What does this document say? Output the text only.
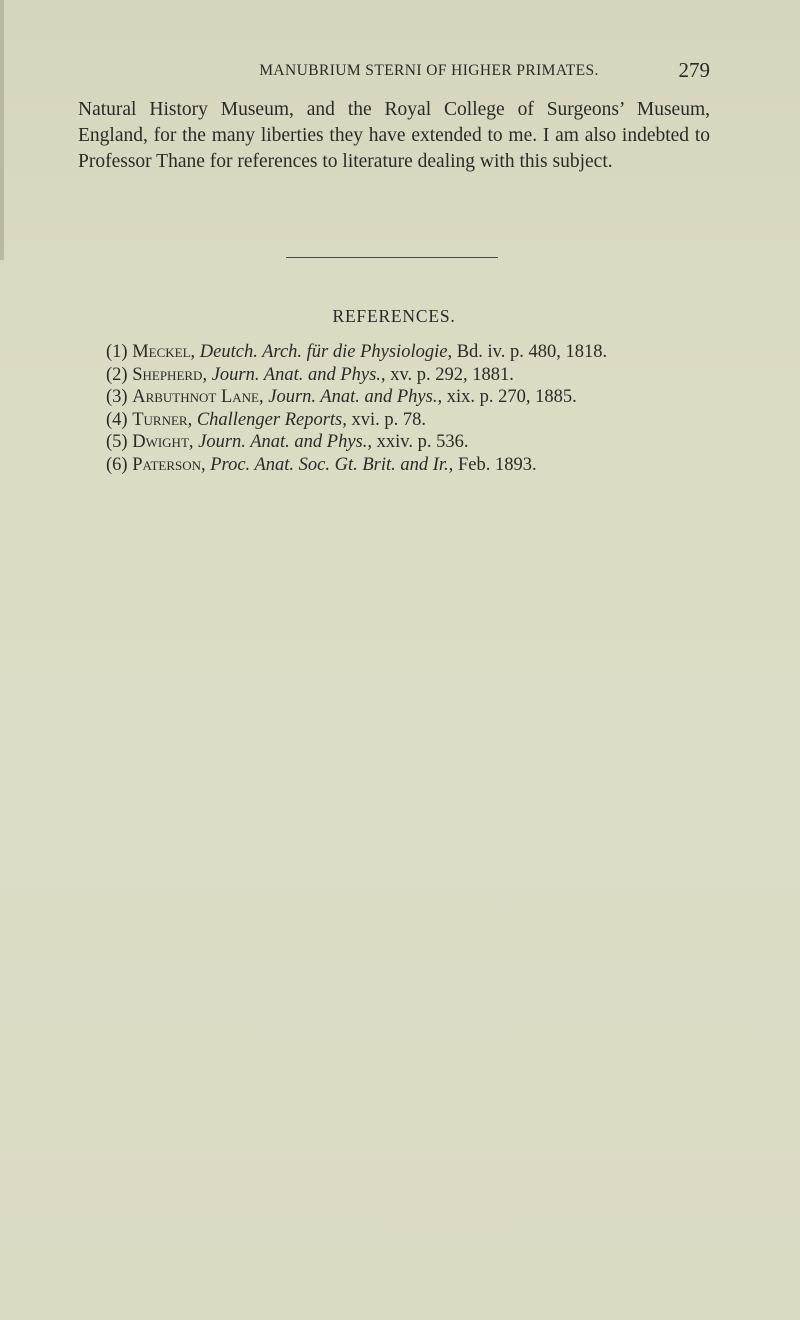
MANUBRIUM STERNI OF HIGHER PRIMATES.	279

Natural History Museum, and the Royal College of Surgeons’ Museum, England, for the many liberties they have extended to me. I am also indebted to Professor Thane for references to literature dealing with this subject.

REFERENCES.

(1) Meckel, Deutch. Arch. für die Physiologie, Bd. iv. p. 480, 1818.

(2) Shepherd, Journ. Anat. and Phys., xv. p. 292, 1881.

(3) Arbuthnot Lane, Journ. Anat. and Phys., xix. p. 270, 1885.

(4) Turner, Challenger Reports, xvi. p. 78.

(5) Dwight, Journ. Anat. and Phys., xxiv. p. 536.

(6) Paterson, Proc. Anat. Soc. Gt. Brit. and Ir., Feb. 1893.
